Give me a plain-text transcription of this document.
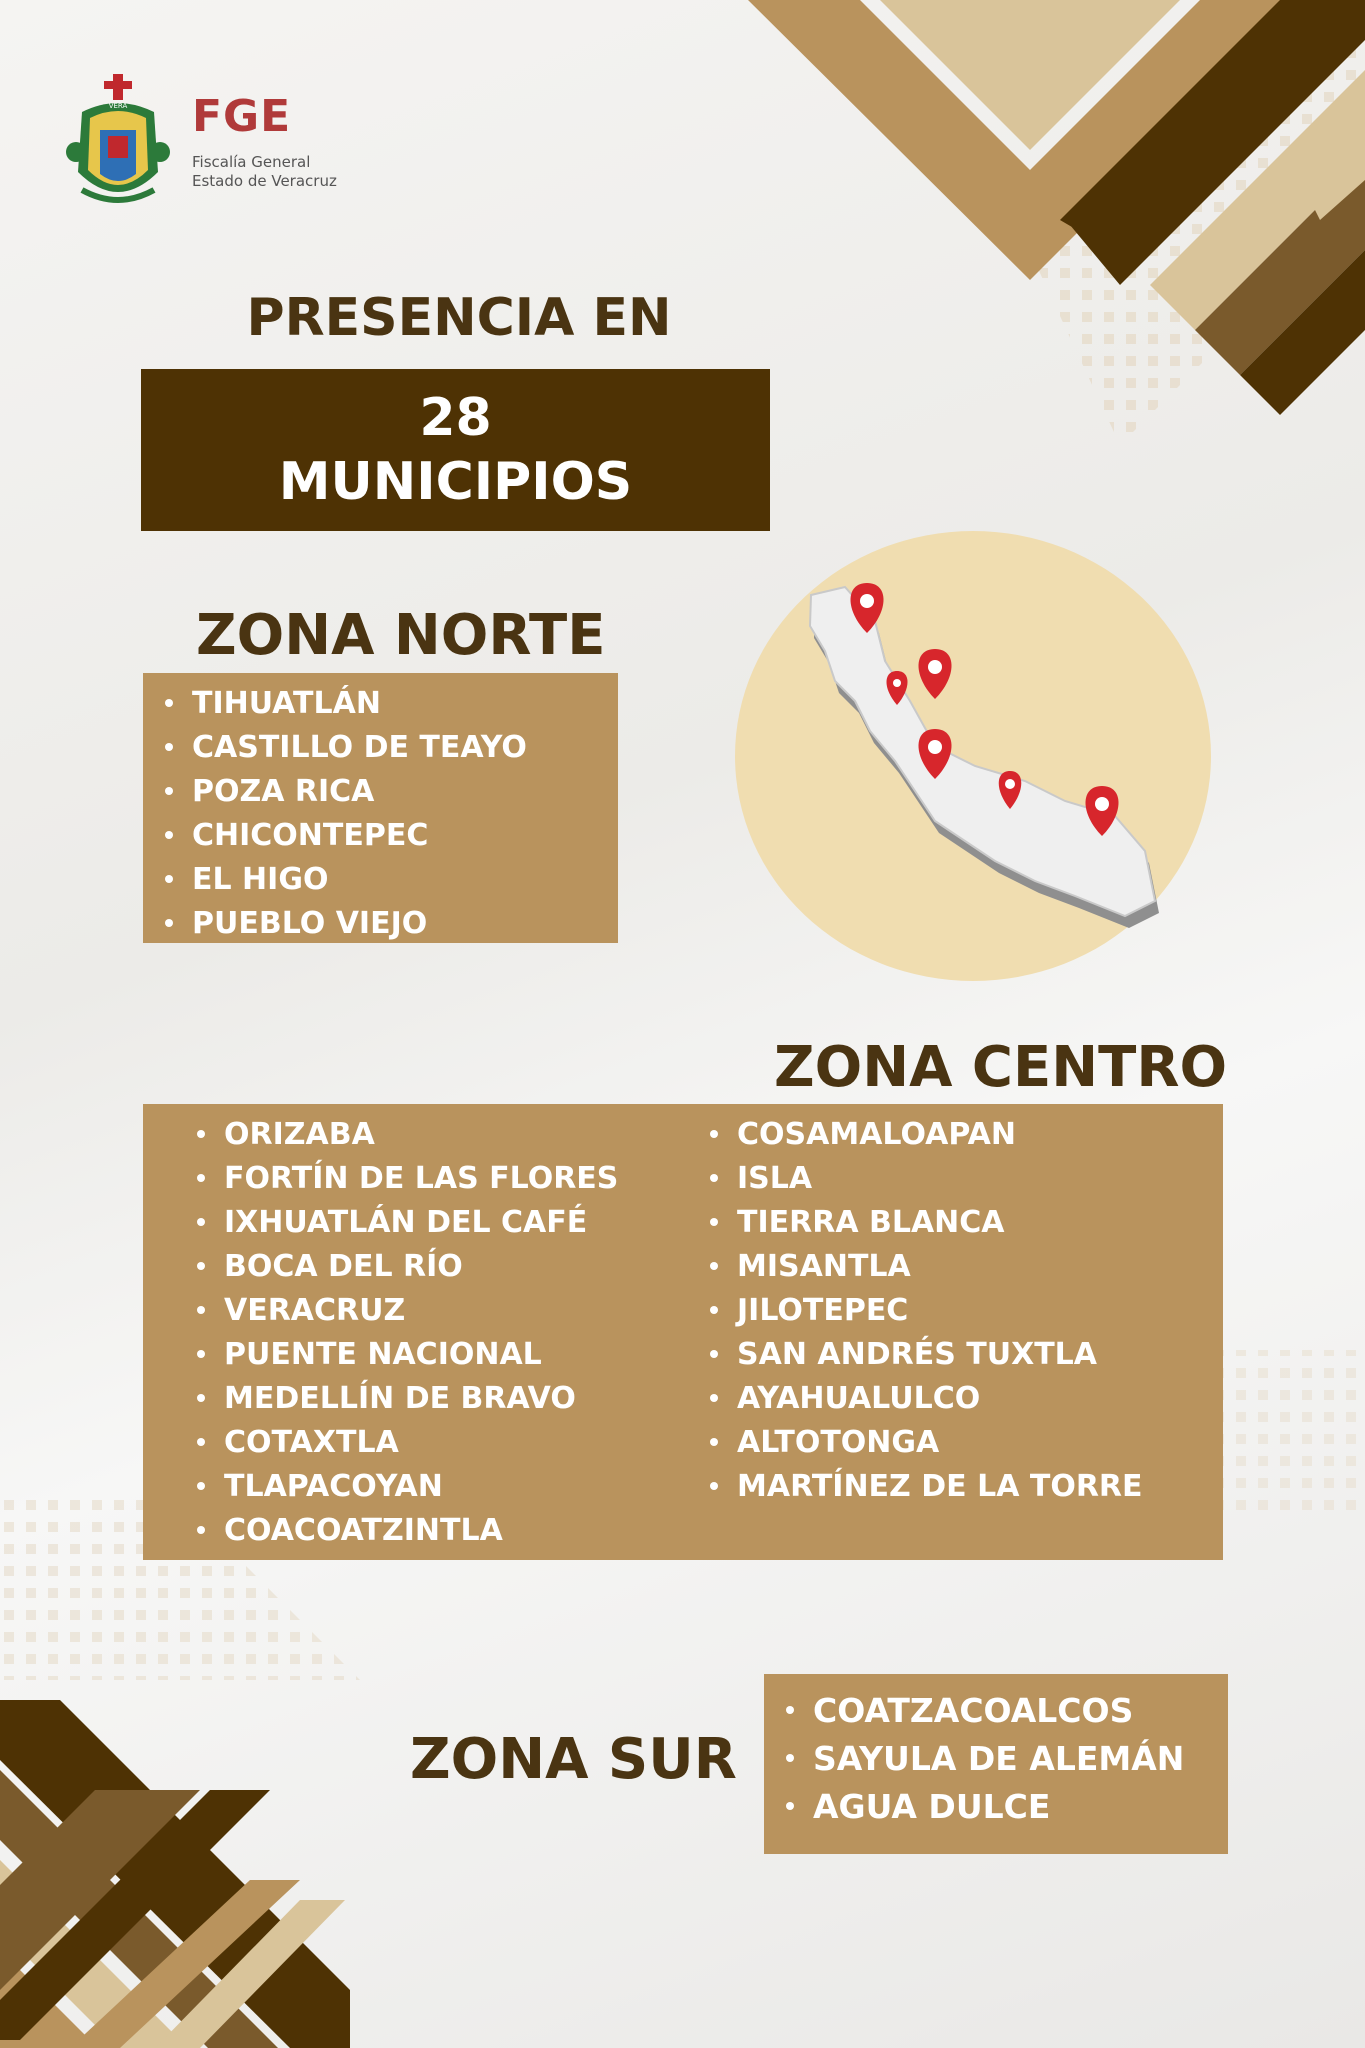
VERA FGE
Fiscalía General
Estado de Veracruz
PRESENCIA EN
28
MUNICIPIOS
ZONA NORTE
TIHUATLÁN
CASTILLO DE TEAYO
POZA RICA
CHICONTEPEC
EL HIGO
PUEBLO VIEJO
ZONA CENTRO
ORIZABA
FORTÍN DE LAS FLORES
IXHUATLÁN DEL CAFÉ
BOCA DEL RÍO
VERACRUZ
PUENTE NACIONAL
MEDELLÍN DE BRAVO
COTAXTLA
TLAPACOYAN
COACOATZINTLA
COSAMALOAPAN
ISLA
TIERRA BLANCA
MISANTLA
JILOTEPEC
SAN ANDRÉS TUXTLA
AYAHUALULCO
ALTOTONGA
MARTÍNEZ DE LA TORRE
ZONA SUR
COATZACOALCOS
SAYULA DE ALEMÁN
AGUA DULCE
